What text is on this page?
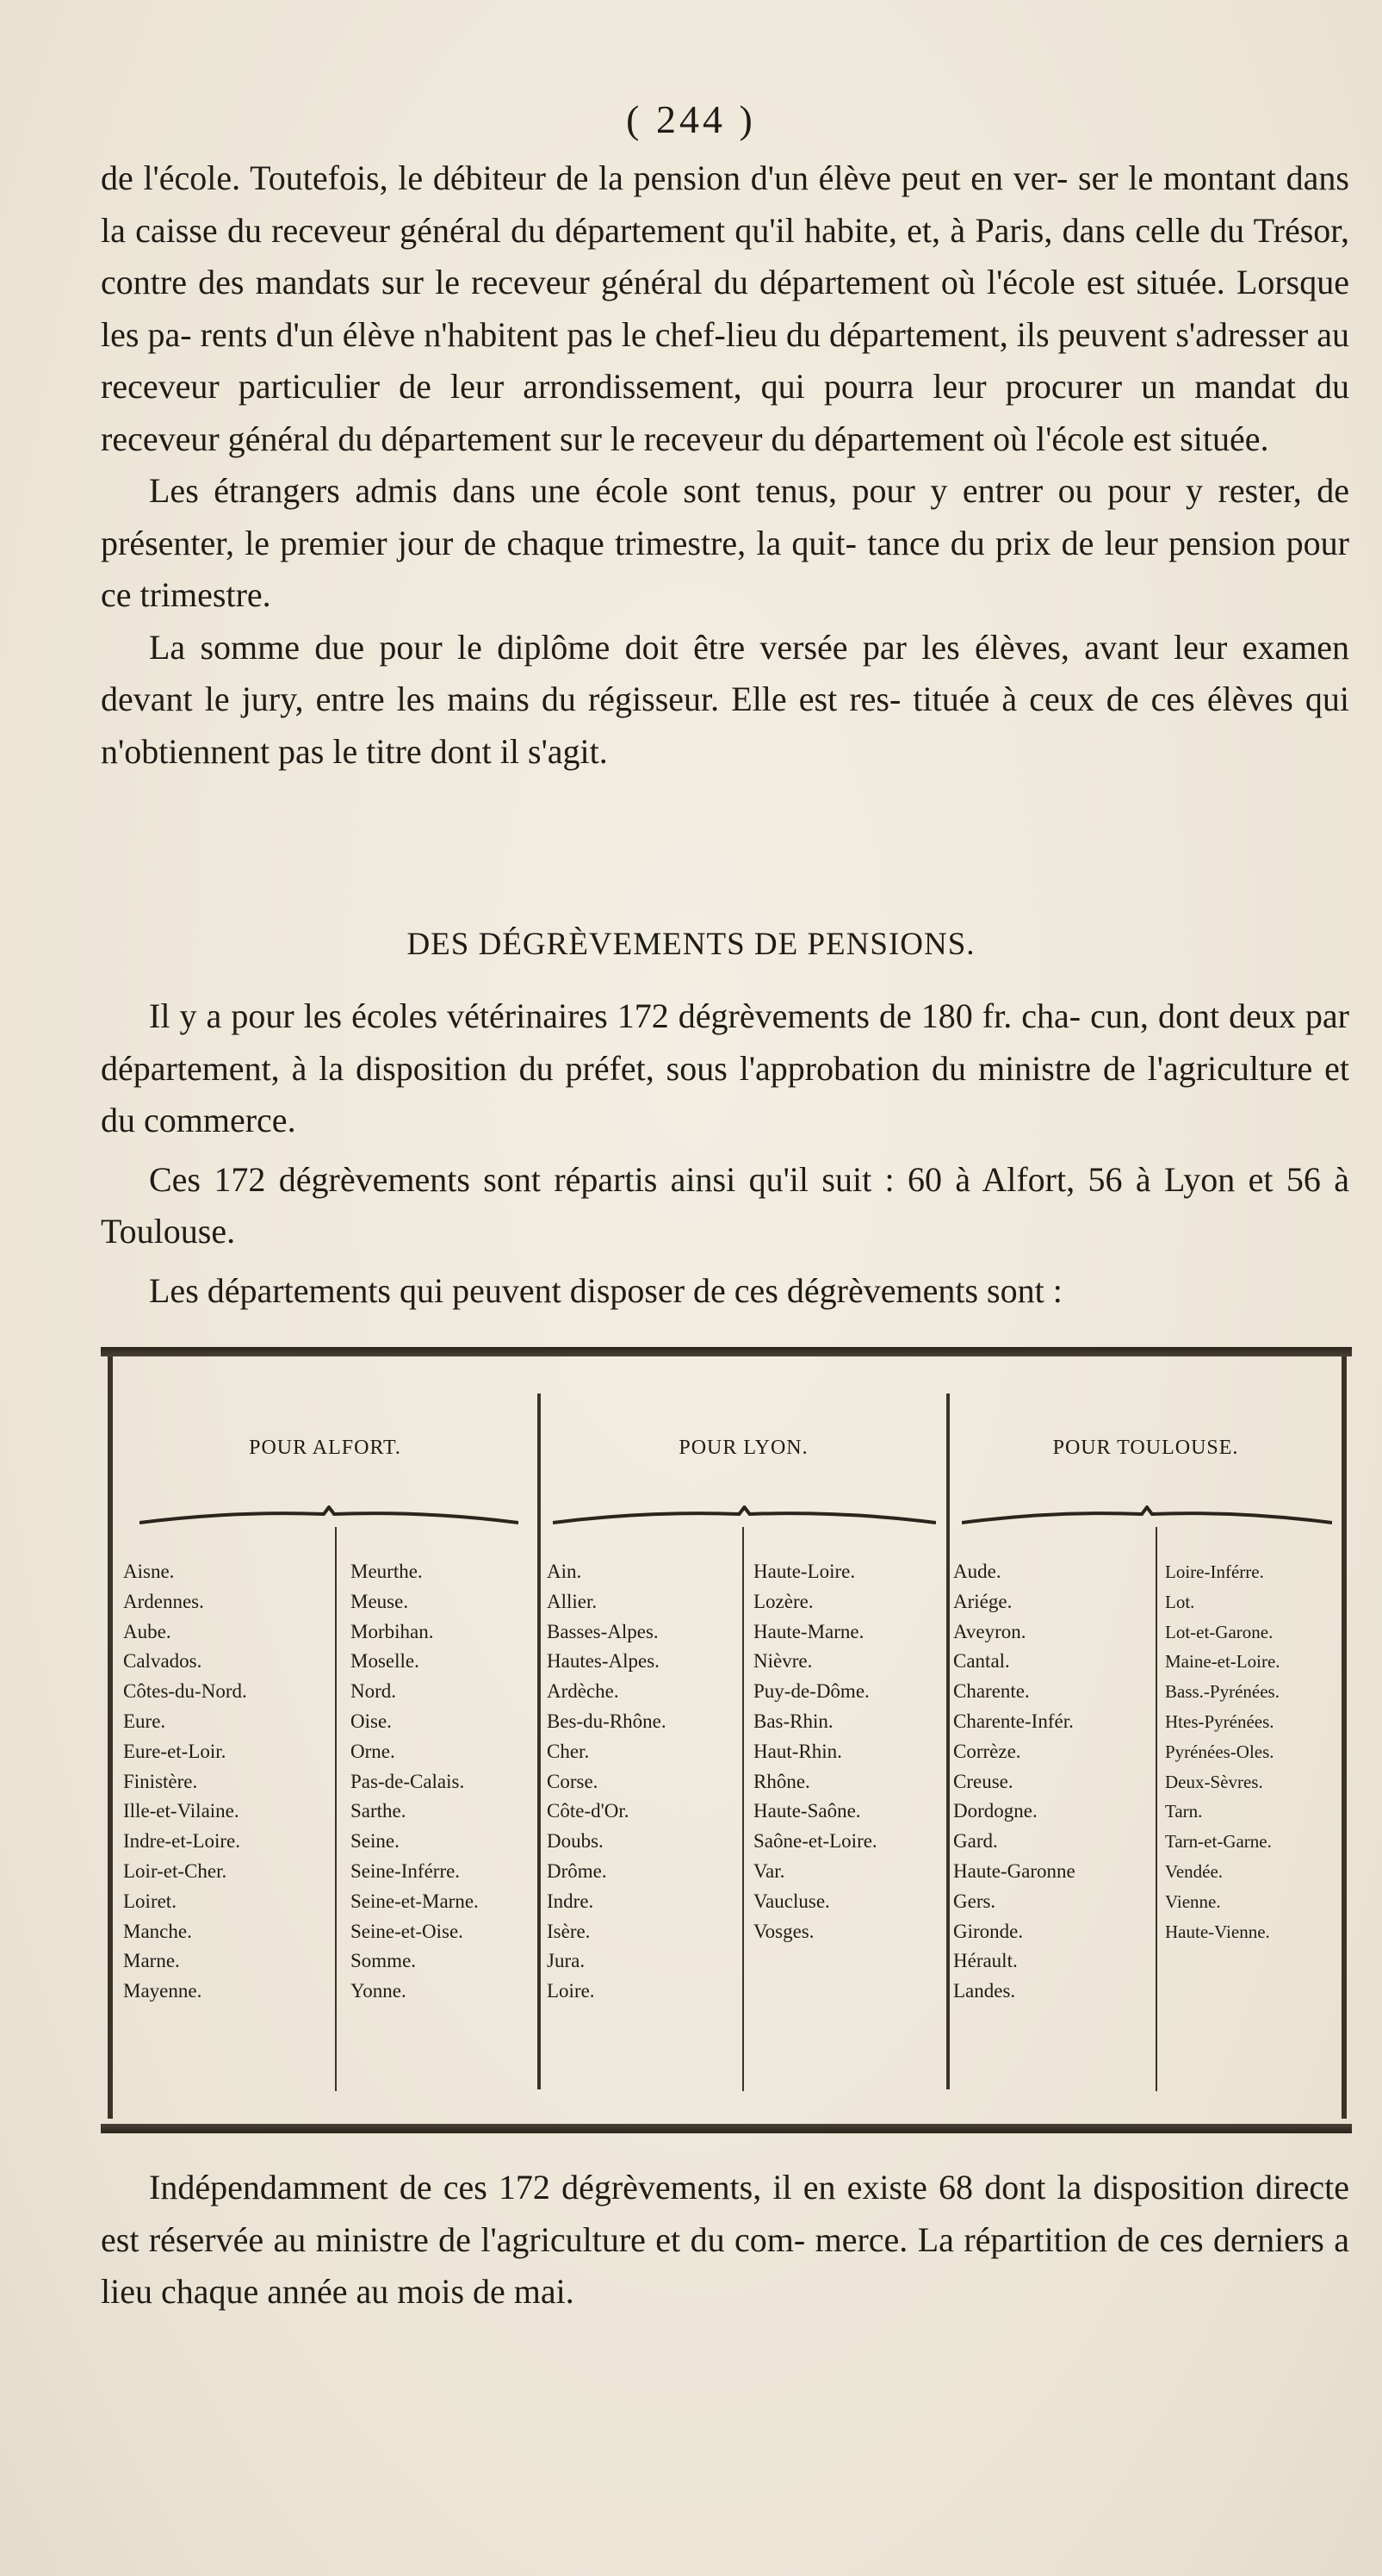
( 244 )

de l'école. Toutefois, le débiteur de la pension d'un élève peut en ver- ser le montant dans la caisse du receveur général du département qu'il habite, et, à Paris, dans celle du Trésor, contre des mandats sur le receveur général du département où l'école est située. Lorsque les pa- rents d'un élève n'habitent pas le chef-lieu du département, ils peuvent s'adresser au receveur particulier de leur arrondissement, qui pourra leur procurer un mandat du receveur général du département sur le receveur du département où l'école est située.

Les étrangers admis dans une école sont tenus, pour y entrer ou pour y rester, de présenter, le premier jour de chaque trimestre, la quit- tance du prix de leur pension pour ce trimestre.

La somme due pour le diplôme doit être versée par les élèves, avant leur examen devant le jury, entre les mains du régisseur. Elle est res- tituée à ceux de ces élèves qui n'obtiennent pas le titre dont il s'agit.

DES DÉGRÈVEMENTS DE PENSIONS.

Il y a pour les écoles vétérinaires 172 dégrèvements de 180 fr. cha- cun, dont deux par département, à la disposition du préfet, sous l'approbation du ministre de l'agriculture et du commerce.

Ces 172 dégrèvements sont répartis ainsi qu'il suit : 60 à Alfort, 56 à Lyon et 56 à Toulouse.

Les départements qui peuvent disposer de ces dégrèvements sont :

POUR ALFORT.	POUR LYON.	POUR TOULOUSE.
Aisne.
Ardennes.
Aube.
Calvados.
Côtes-du-Nord.
Eure.
Eure-et-Loir.
Finistère.
Ille-et-Vilaine.
Indre-et-Loire.
Loir-et-Cher.
Loiret.
Manche.
Marne.
Mayenne.
Meurthe.
Meuse.
Morbihan.
Moselle.
Nord.
Oise.
Orne.
Pas-de-Calais.
Sarthe.
Seine.
Seine-Inférre.
Seine-et-Marne.
Seine-et-Oise.
Somme.
Yonne.
Ain.
Allier.
Basses-Alpes.
Hautes-Alpes.
Ardèche.
Bes-du-Rhône.
Cher.
Corse.
Côte-d'Or.
Doubs.
Drôme.
Indre.
Isère.
Jura.
Loire.
Haute-Loire.
Lozère.
Haute-Marne.
Nièvre.
Puy-de-Dôme.
Bas-Rhin.
Haut-Rhin.
Rhône.
Haute-Saône.
Saône-et-Loire.
Var.
Vaucluse.
Vosges.
Aude.
Ariége.
Aveyron.
Cantal.
Charente.
Charente-Infér.
Corrèze.
Creuse.
Dordogne.
Gard.
Haute-Garonne
Gers.
Gironde.
Hérault.
Landes.
Loire-Inférre.
Lot.
Lot-et-Garone.
Maine-et-Loire.
Bass.-Pyrénées.
Htes-Pyrénées.
Pyrénées-Oles.
Deux-Sèvres.
Tarn.
Tarn-et-Garne.
Vendée.
Vienne.
Haute-Vienne.

Indépendamment de ces 172 dégrèvements, il en existe 68 dont la disposition directe est réservée au ministre de l'agriculture et du com- merce. La répartition de ces derniers a lieu chaque année au mois de mai.
